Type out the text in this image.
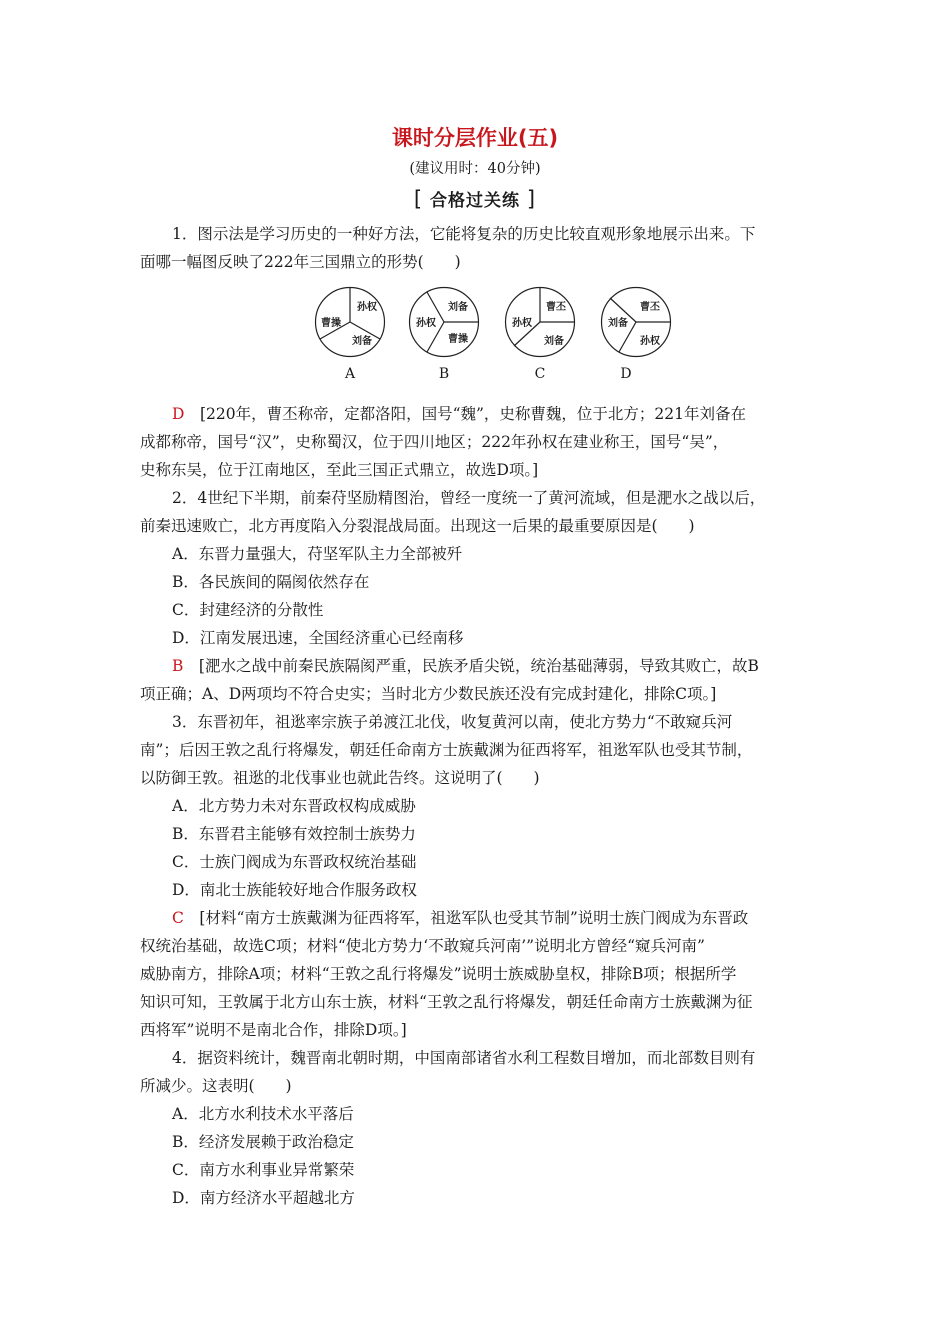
课时分层作业(五)
(建议用时：40分钟)
[ 合格过关练 ]
1．图示法是学习历史的一种好方法，它能将复杂的历史比较直观形象地展示出来。下
面哪一幅图反映了222年三国鼎立的形势(　　)
孙权
曹操
刘备
刘备
孙权
曹操
曹丕
孙权
刘备
曹丕
刘备
孙权
A	B	C	D
D　 [220年，曹丕称帝，定都洛阳，国号“魏”，史称曹魏，位于北方；221年刘备在
成都称帝，国号“汉”，史称蜀汉，位于四川地区；222年孙权在建业称王，国号“吴”，
史称东吴，位于江南地区，至此三国正式鼎立，故选D项。]
2．4世纪下半期，前秦苻坚励精图治，曾经一度统一了黄河流域，但是淝水之战以后，
前秦迅速败亡，北方再度陷入分裂混战局面。出现这一后果的最重要原因是(　　)
A．东晋力量强大，苻坚军队主力全部被歼
B．各民族间的隔阂依然存在
C．封建经济的分散性
D．江南发展迅速，全国经济重心已经南移
B　 [淝水之战中前秦民族隔阂严重，民族矛盾尖锐，统治基础薄弱，导致其败亡，故B
项正确；A、D两项均不符合史实；当时北方少数民族还没有完成封建化，排除C项。]
3．东晋初年，祖逖率宗族子弟渡江北伐，收复黄河以南，使北方势力“不敢窥兵河
南”；后因王敦之乱行将爆发，朝廷任命南方士族戴渊为征西将军，祖逖军队也受其节制，
以防御王敦。祖逖的北伐事业也就此告终。这说明了(　　)
A．北方势力未对东晋政权构成威胁
B．东晋君主能够有效控制士族势力
C．士族门阀成为东晋政权统治基础
D．南北士族能较好地合作服务政权
C　 [材料“南方士族戴渊为征西将军，祖逖军队也受其节制”说明士族门阀成为东晋政
权统治基础，故选C项；材料“使北方势力‘不敢窥兵河南’”说明北方曾经“窥兵河南”
威胁南方，排除A项；材料“王敦之乱行将爆发”说明士族威胁皇权，排除B项；根据所学
知识可知，王敦属于北方山东士族，材料“王敦之乱行将爆发，朝廷任命南方士族戴渊为征
西将军”说明不是南北合作，排除D项。]
4．据资料统计，魏晋南北朝时期，中国南部诸省水利工程数目增加，而北部数目则有
所减少。这表明(　　)
A．北方水利技术水平落后
B．经济发展赖于政治稳定
C．南方水利事业异常繁荣
D．南方经济水平超越北方
